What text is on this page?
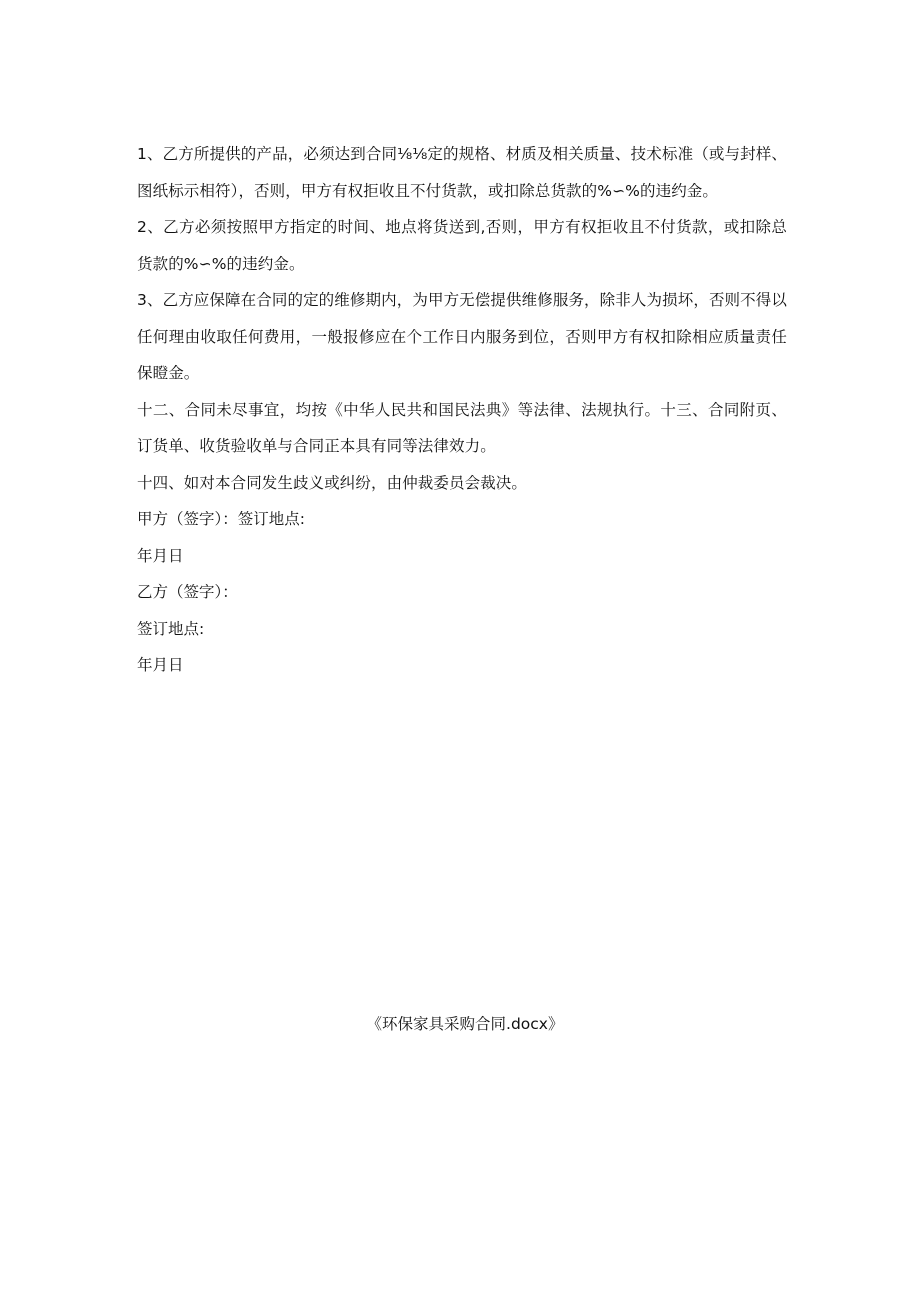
1、乙方所提供的产品，必须达到合同⅛⅛定的规格、材质及相关质量、技术标准（或与封样、图纸标示相符），否则，甲方有权拒收且不付货款，或扣除总货款的%∽%的违约金。

2、乙方必须按照甲方指定的时间、地点将货送到,否则，甲方有权拒收且不付货款，或扣除总货款的%∽%的违约金。

3、乙方应保障在合同的定的维修期内，为甲方无偿提供维修服务，除非人为损坏，否则不得以任何理由收取任何费用，一般报修应在个工作日内服务到位，否则甲方有权扣除相应质量责任保瞪金。

十二、合同未尽事宜，均按《中华人民共和国民法典》等法律、法规执行。十三、合同附页、订货单、收货验收单与合同正本具有同等法律效力。

十四、如对本合同发生歧义或纠纷，由仲裁委员会裁决。

甲方（签字）：签订地点:

年月日

乙方（签字）：

签订地点:

年月日

《环保家具采购合同.docx》
